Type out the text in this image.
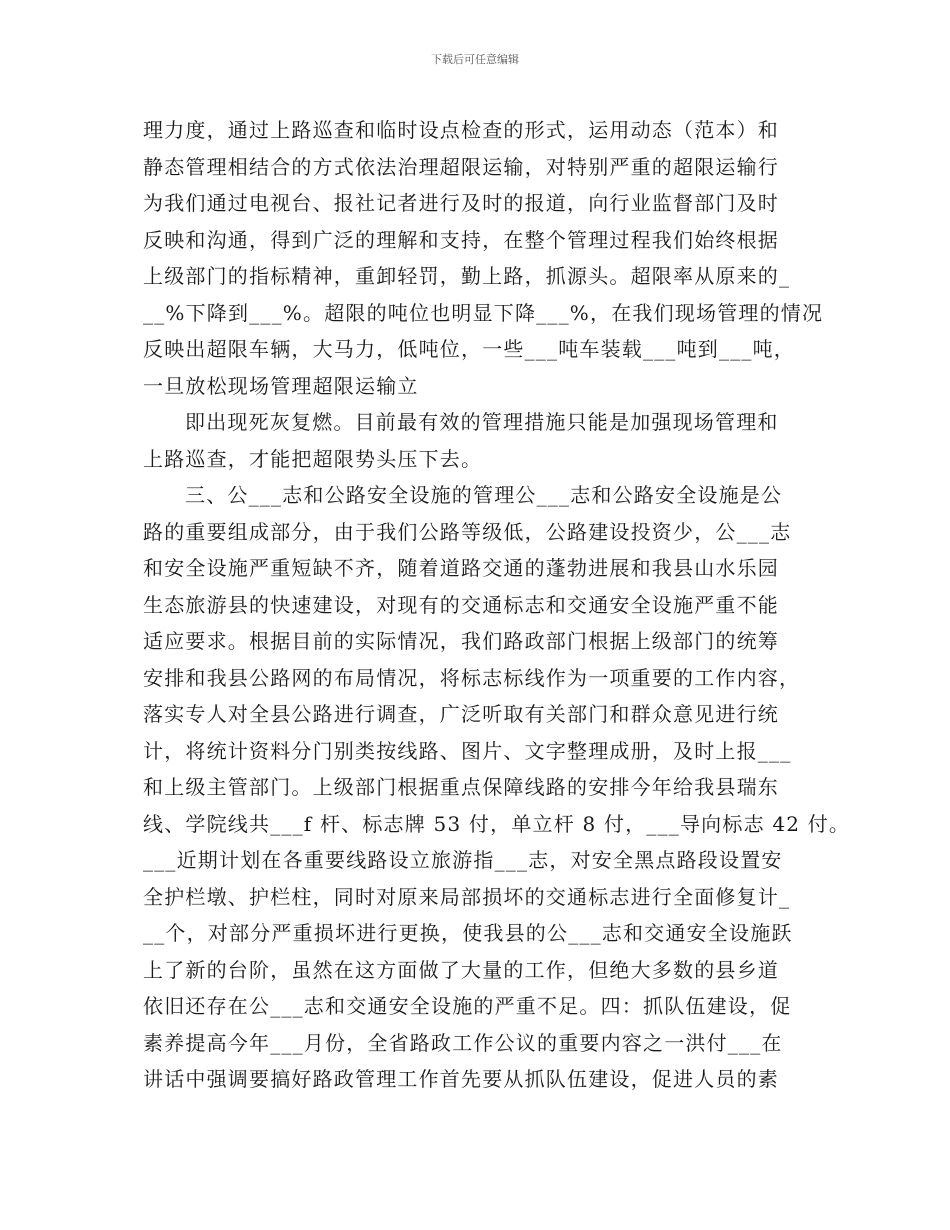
下载后可任意编辑
理力度，通过上路巡查和临时设点检查的形式，运用动态（范本）和
静态管理相结合的方式依法治理超限运输，对特别严重的超限运输行
为我们通过电视台、报社记者进行及时的报道，向行业监督部门及时
反映和沟通，得到广泛的理解和支持，在整个管理过程我们始终根据
上级部门的指标精神，重卸轻罚，勤上路，抓源头。超限率从原来的_
__%下降到___%。超限的吨位也明显下降___%，在我们现场管理的情况
反映出超限车辆，大马力，低吨位，一些___吨车装载___吨到___吨，
一旦放松现场管理超限运输立
即出现死灰复燃。目前最有效的管理措施只能是加强现场管理和
上路巡查，才能把超限势头压下去。
三、公___志和公路安全设施的管理公___志和公路安全设施是公
路的重要组成部分，由于我们公路等级低，公路建设投资少，公___志
和安全设施严重短缺不齐，随着道路交通的蓬勃进展和我县山水乐园
生态旅游县的快速建设，对现有的交通标志和交通安全设施严重不能
适应要求。根据目前的实际情况，我们路政部门根据上级部门的统筹
安排和我县公路网的布局情况，将标志标线作为一项重要的工作内容，
落实专人对全县公路进行调查，广泛听取有关部门和群众意见进行统
计，将统计资料分门别类按线路、图片、文字整理成册，及时上报___
和上级主管部门。上级部门根据重点保障线路的安排今年给我县瑞东
线、学院线共___f 杆、标志牌 53 付，单立杆 8 付，___导向标志 42 付。
___近期计划在各重要线路设立旅游指___志，对安全黑点路段设置安
全护栏墩、护栏柱，同时对原来局部损坏的交通标志进行全面修复计_
__个，对部分严重损坏进行更换，使我县的公___志和交通安全设施跃
上了新的台阶，虽然在这方面做了大量的工作，但绝大多数的县乡道
依旧还存在公___志和交通安全设施的严重不足。四：抓队伍建设，促
素养提高今年___月份，全省路政工作公议的重要内容之一洪付___在
讲话中强调要搞好路政管理工作首先要从抓队伍建设，促进人员的素
